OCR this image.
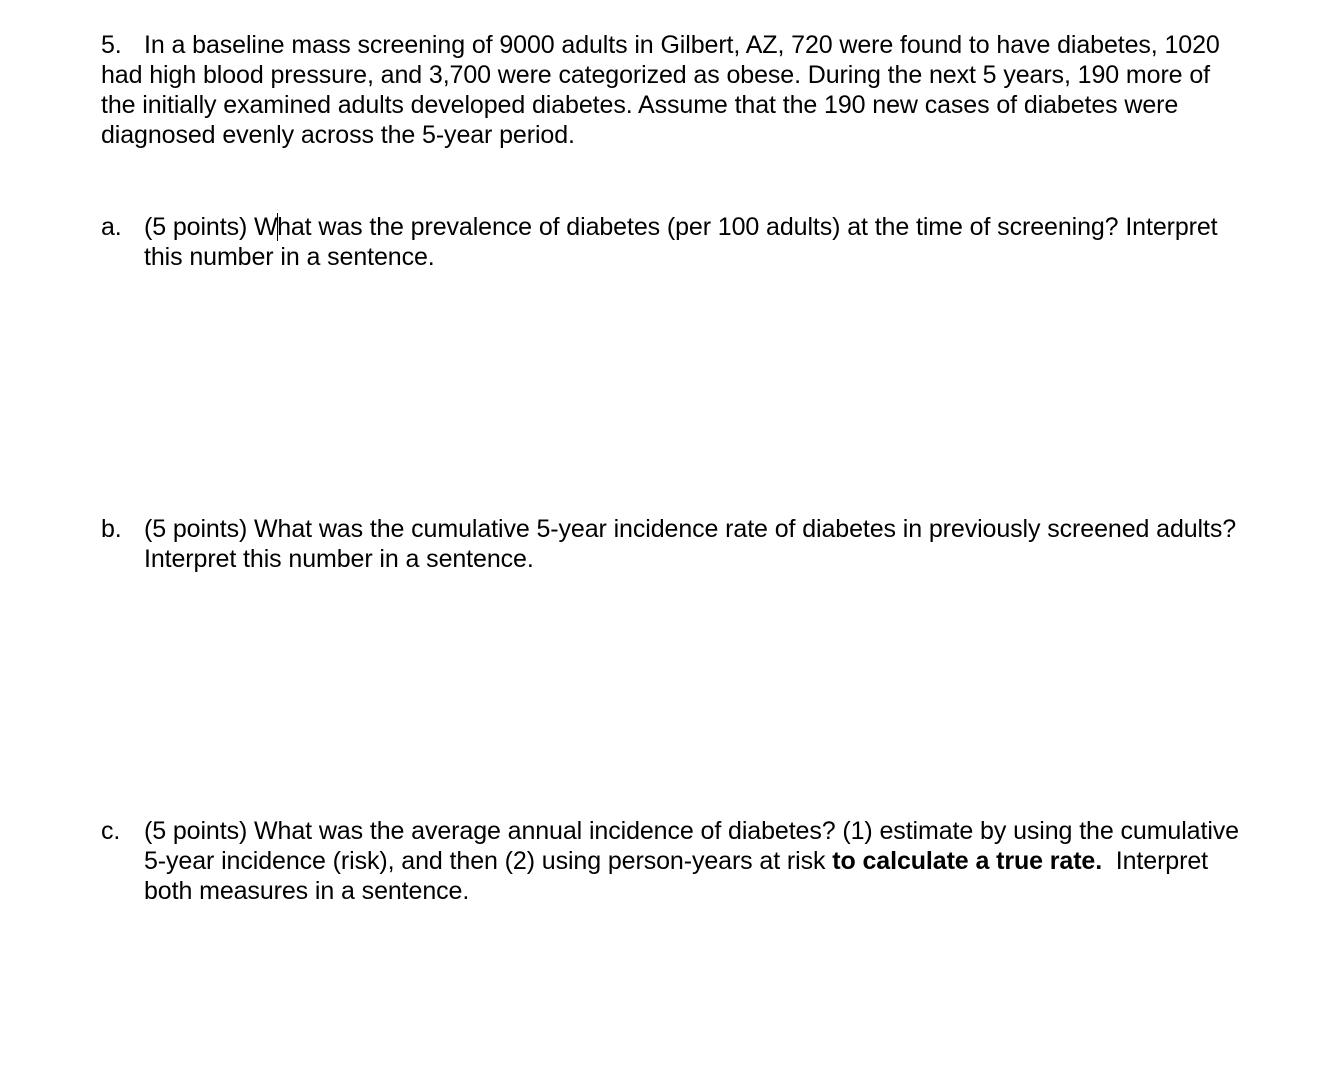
5. In a baseline mass screening of 9000 adults in Gilbert, AZ, 720 were found to have diabetes, 1020 had high blood pressure, and 3,700 were categorized as obese. During the next 5 years, 190 more of the initially examined adults developed diabetes. Assume that the 190 new cases of diabetes were diagnosed evenly across the 5-year period.
a. (5 points) What was the prevalence of diabetes (per 100 adults) at the time of screening? Interpret this number in a sentence.
b. (5 points) What was the cumulative 5-year incidence rate of diabetes in previously screened adults? Interpret this number in a sentence.
c. (5 points) What was the average annual incidence of diabetes? (1) estimate by using the cumulative 5-year incidence (risk), and then (2) using person-years at risk to calculate a true rate.  Interpret both measures in a sentence.
